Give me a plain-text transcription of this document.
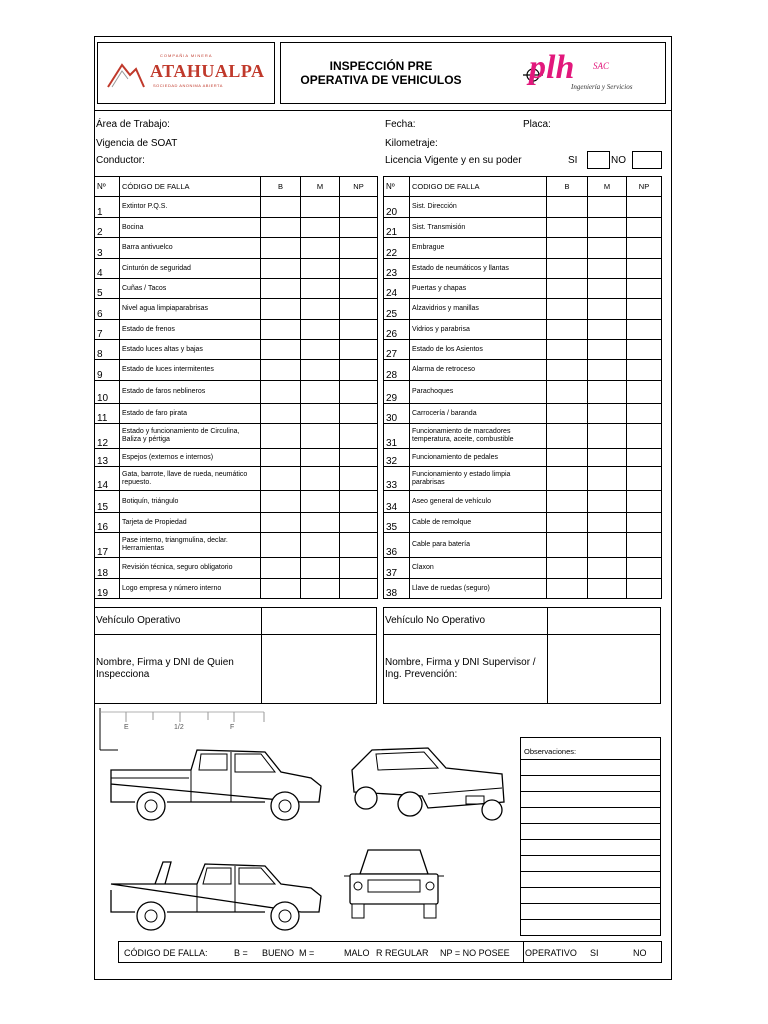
COMPAÑIA MINERA
ATAHUALPA
SOCIEDAD ANONIMA ABIERTA
INSPECCIÓN PRE
OPERATIVA DE VEHICULOS	plh SAC
Ingeniería y Servicios
Área de Trabajo:	Fecha:	Placa:
Vigencia de SOAT	Kilometraje:
Conductor:	Licencia Vigente y en su poder	SI	NO
Nº	CÓDIGO DE FALLA	B	M	NP
1	Extintor P.Q.S.			
2	Bocina			
3	Barra antivuelco			
4	Cinturón de seguridad			
5	Cuñas / Tacos			
6	Nivel agua limpiaparabrisas			
7	Estado de frenos			
8	Estado luces altas y bajas			
9	Estado de luces intermitentes			
10	Estado de faros neblineros			
11	Estado de faro pirata			
12	Estado y funcionamiento de Circulina, Baliza y pértiga			
13	Espejos (externos e internos)			
14	Gata, barrote, llave de rueda, neumático repuesto.			
15	Botiquín, triángulo			
16	Tarjeta de Propiedad			
17	Pase interno, triangmulina, declar. Herramientas			
18	Revisión técnica, seguro obligatorio			
19	Logo empresa y número interno			
Nº	CODIGO DE FALLA	B	M	NP
20	Sist. Dirección			
21	Sist. Transmisión			
22	Embrague			
23	Estado de neumáticos y llantas			
24	Puertas y chapas			
25	Alzavidrios y manillas			
26	Vidrios y parabrisa			
27	Estado de los Asientos			
28	Alarma de retroceso			
29	Parachoques			
30	Carrocería / baranda			
31	Funcionamiento de marcadores temperatura, aceite, combustible			
32	Funcionamiento de pedales			
33	Funcionamiento y estado limpia parabrisas			
34	Aseo general de vehículo			
35	Cable de remolque			
36	Cable para batería			
37	Claxon			
38	Llave de ruedas (seguro)			
Vehículo Operativo	Vehículo No Operativo
Nombre, Firma y DNI de Quien Inspecciona
Nombre, Firma y DNI Supervisor / Ing. Prevención:
E	1/2	F
Observaciones:
CÓDIGO DE FALLA:	B = BUENO M =	MALO R REGULAR NP = NO POSEE OPERATIVO SI	NO
